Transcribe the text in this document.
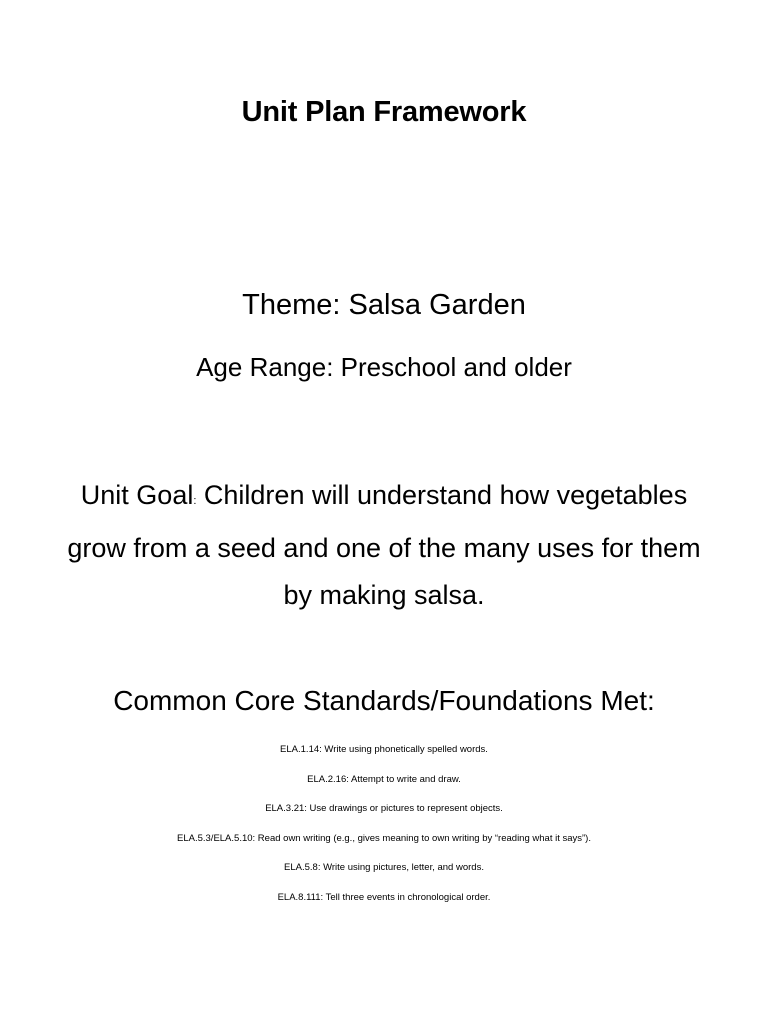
Unit Plan Framework
Theme: Salsa Garden
Age Range: Preschool and older
Unit Goal: Children will understand how vegetables grow from a seed and one of the many uses for them by making salsa.
Common Core Standards/Foundations Met:
ELA.1.14: Write using phonetically spelled words.
ELA.2.16: Attempt to write and draw.
ELA.3.21: Use drawings or pictures to represent objects.
ELA.5.3/ELA.5.10: Read own writing (e.g., gives meaning to own writing by “reading what it says”).
ELA.5.8: Write using pictures, letter, and words.
ELA.8.111: Tell three events in chronological order.
